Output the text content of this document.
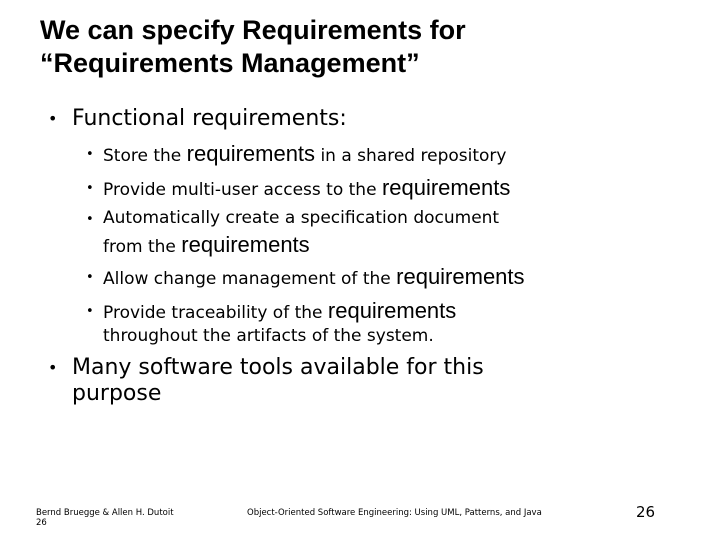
We can specify Requirements for
“Requirements Management”
• Functional requirements:
• Store the requirements in a shared repository
• Provide multi-user access to the requirements
• Automatically create a specification document
from the requirements
• Allow change management of the requirements
• Provide traceability of the requirements
throughout the artifacts of the system.
• Many software tools available for this
purpose
Bernd Bruegge & Allen H. Dutoit
26
Object-Oriented Software Engineering: Using UML, Patterns, and Java	26
